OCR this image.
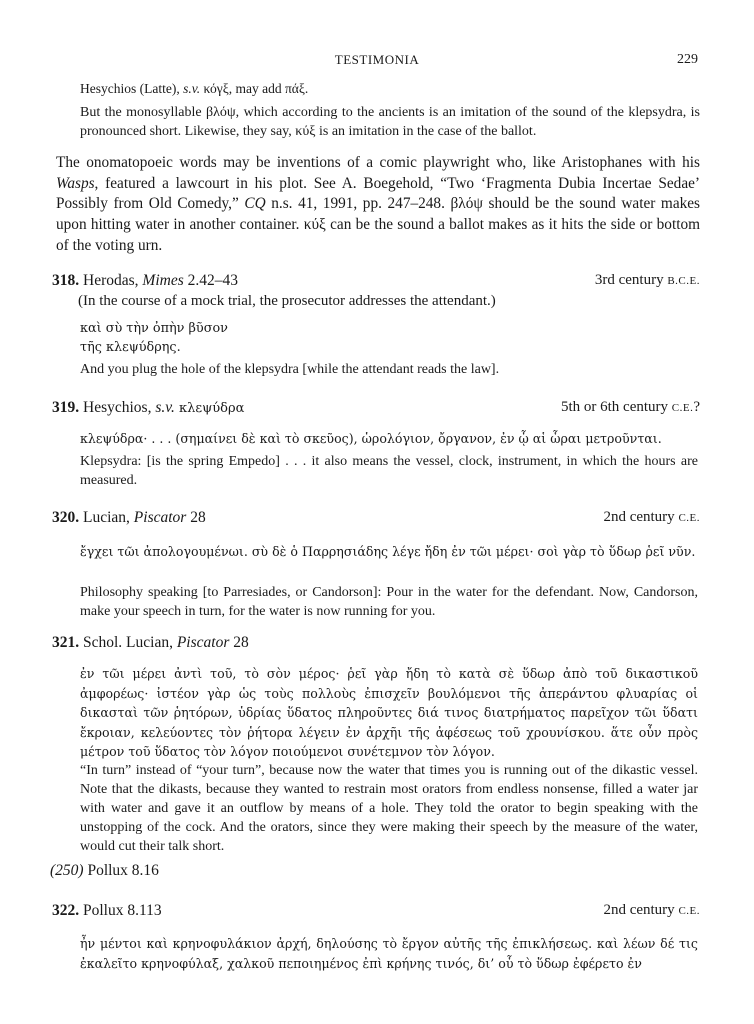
TESTIMONIA	229
Hesychios (Latte), s.v. κόγξ, may add πάξ.
But the monosyllable βλόψ, which according to the ancients is an imitation of the sound of the klepsydra, is pronounced short. Likewise, they say, κύξ is an imitation in the case of the ballot.
The onomatopoeic words may be inventions of a comic playwright who, like Aristophanes with his Wasps, featured a lawcourt in his plot. See A. Boegehold, “Two ‘Fragmenta Dubia Incertae Sedae’ Possibly from Old Comedy,” CQ n.s. 41, 1991, pp. 247–248. βλόψ should be the sound water makes upon hitting water in another container. κύξ can be the sound a ballot makes as it hits the side or bottom of the voting urn.
318. Herodas, Mimes 2.42–43	3rd century B.C.E.
(In the course of a mock trial, the prosecutor addresses the attendant.)
καὶ σὺ τὴν ὀπὴν βῦσον
τῆς κλεψύδρης.
And you plug the hole of the klepsydra [while the attendant reads the law].
319. Hesychios, s.v. κλεψύδρα	5th or 6th century C.E.?
κλεψύδρα· . . . (σημαίνει δὲ καὶ τὸ σκεῦος), ὡρολόγιον, ὄργανον, ἐν ᾧ αἱ ὧραι μετροῦνται.
Klepsydra: [is the spring Empedo] . . . it also means the vessel, clock, instrument, in which the hours are measured.
320. Lucian, Piscator 28	2nd century C.E.
ἔγχει τῶι ἀπολογουμένωι. σὺ δὲ ὁ Παρρησιάδης λέγε ἤδη ἐν τῶι μέρει· σοὶ γὰρ τὸ ὕδωρ ῥεῖ νῦν.
Philosophy speaking [to Parresiades, or Candorson]: Pour in the water for the defendant. Now, Candorson, make your speech in turn, for the water is now running for you.
321. Schol. Lucian, Piscator 28
ἐν τῶι μέρει ἀντὶ τοῦ, τὸ σὸν μέρος· ῥεῖ γὰρ ἤδη τὸ κατὰ σὲ ὕδωρ ἀπὸ τοῦ δικαστικοῦ ἀμφορέως· ἰστέον γὰρ ὡς τοὺς πολλοὺς ἐπισχεῖν βουλόμενοι τῆς ἀπεράντου φλυαρίας οἱ δικασταὶ τῶν ῥητόρων, ὑδρίας ὕδατος πληροῦντες διά τινος διατρήματος παρεῖχον τῶι ὕδατι ἔκροιαν, κελεύοντες τὸν ῥήτορα λέγειν ἐν ἀρχῆι τῆς ἀφέσεως τοῦ χρουνίσκου. ἅτε οὖν πρὸς μέτρον τοῦ ὕδατος τὸν λόγον ποιούμενοι συνέτεμνον τὸν λόγον.
“In turn” instead of “your turn”, because now the water that times you is running out of the dikastic vessel. Note that the dikasts, because they wanted to restrain most orators from endless nonsense, filled a water jar with water and gave it an outflow by means of a hole. They told the orator to begin speaking with the unstopping of the cock. And the orators, since they were making their speech by the measure of the water, would cut their talk short.
(250) Pollux 8.16
322. Pollux 8.113	2nd century C.E.
ἦν μέντοι καὶ κρηνοφυλάκιον ἀρχή, δηλούσης τὸ ἔργον αὐτῆς τῆς ἐπικλήσεως. καὶ λέων δέ τις ἐκαλεῖτο κρηνοφύλαξ, χαλκοῦ πεποιημένος ἐπὶ κρήνης τινός, δι’ οὗ τὸ ὕδωρ ἐφέρετο ἐν
